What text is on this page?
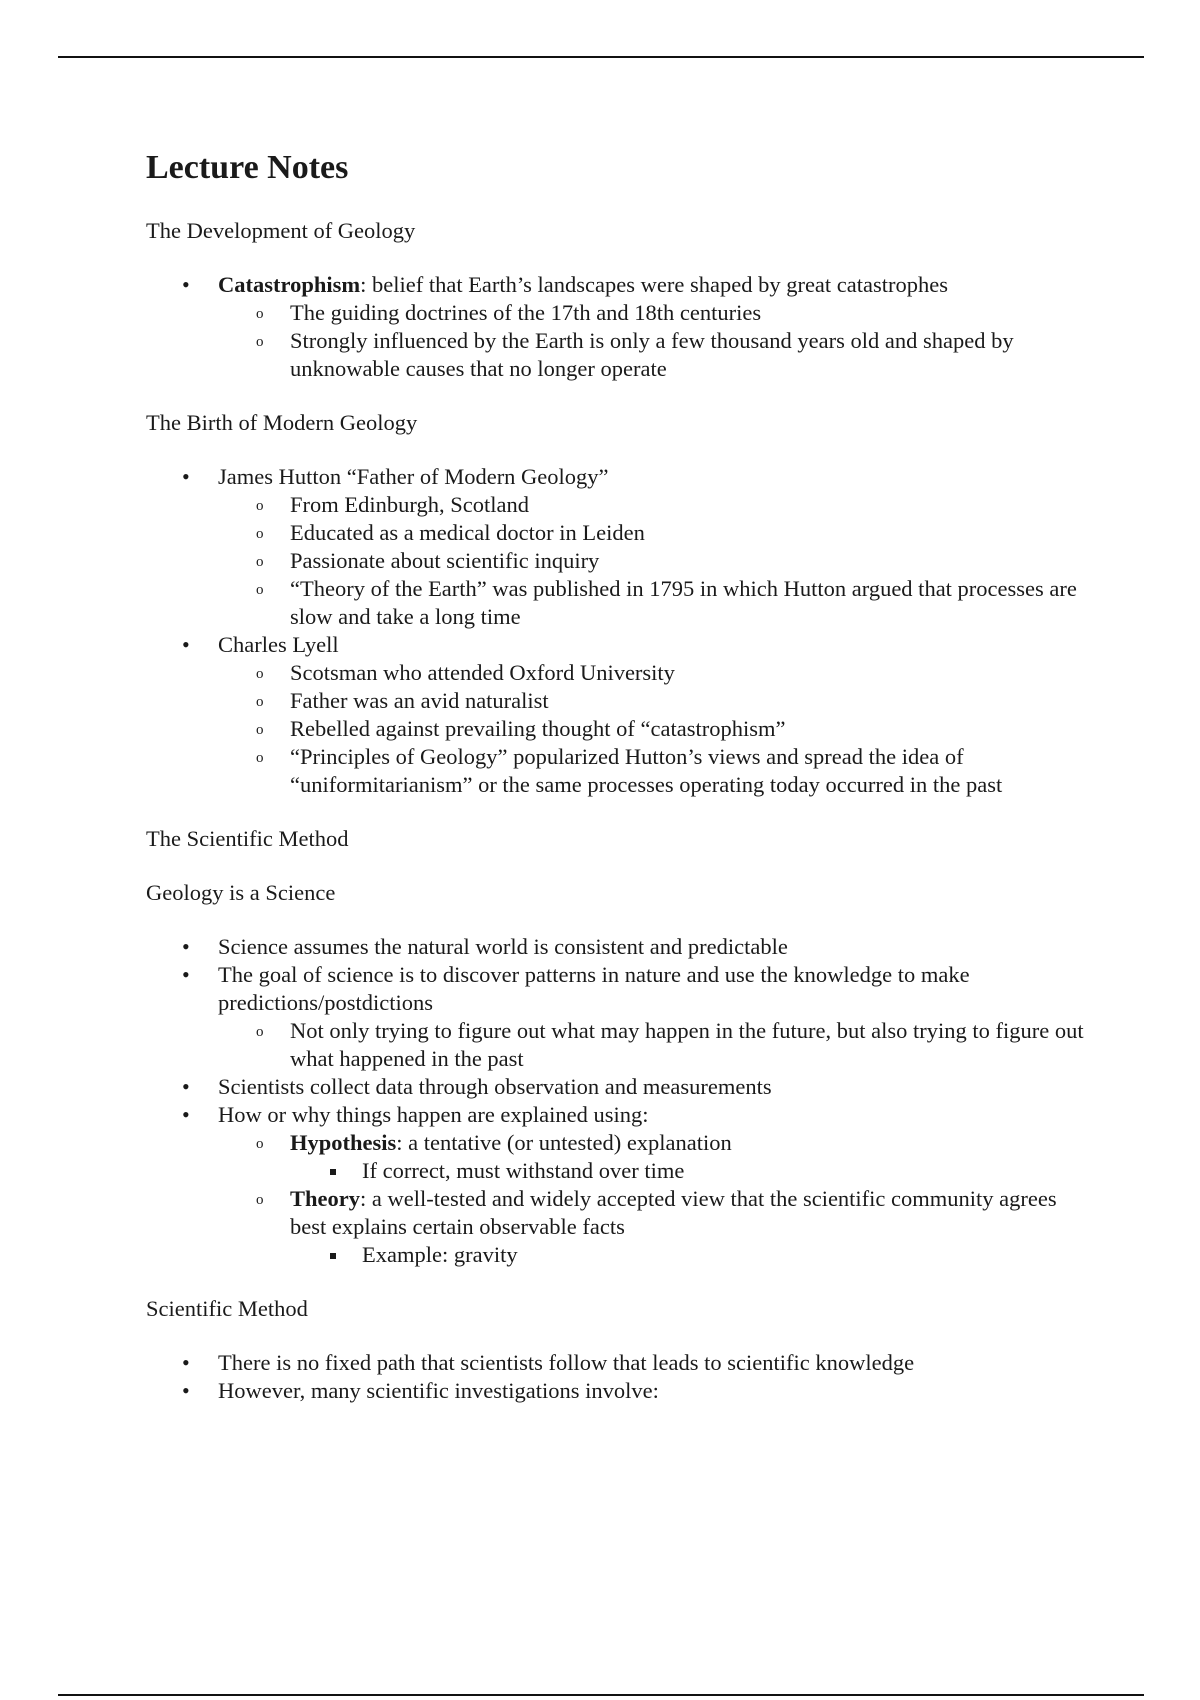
Lecture Notes

The Development of Geology

• Catastrophism: belief that Earth’s landscapes were shaped by great catastrophes
o The guiding doctrines of the 17th and 18th centuries
o Strongly influenced by the Earth is only a few thousand years old and shaped by unknowable causes that no longer operate

The Birth of Modern Geology

• James Hutton “Father of Modern Geology”
o From Edinburgh, Scotland
o Educated as a medical doctor in Leiden
o Passionate about scientific inquiry
o “Theory of the Earth” was published in 1795 in which Hutton argued that processes are slow and take a long time
• Charles Lyell
o Scotsman who attended Oxford University
o Father was an avid naturalist
o Rebelled against prevailing thought of “catastrophism”
o “Principles of Geology” popularized Hutton’s views and spread the idea of “uniformitarianism” or the same processes operating today occurred in the past

The Scientific Method

Geology is a Science

• Science assumes the natural world is consistent and predictable
• The goal of science is to discover patterns in nature and use the knowledge to make predictions/postdictions
o Not only trying to figure out what may happen in the future, but also trying to figure out what happened in the past
• Scientists collect data through observation and measurements
• How or why things happen are explained using:
o Hypothesis: a tentative (or untested) explanation
If correct, must withstand over time
o Theory: a well-tested and widely accepted view that the scientific community agrees best explains certain observable facts
Example: gravity

Scientific Method

• There is no fixed path that scientists follow that leads to scientific knowledge
• However, many scientific investigations involve:
